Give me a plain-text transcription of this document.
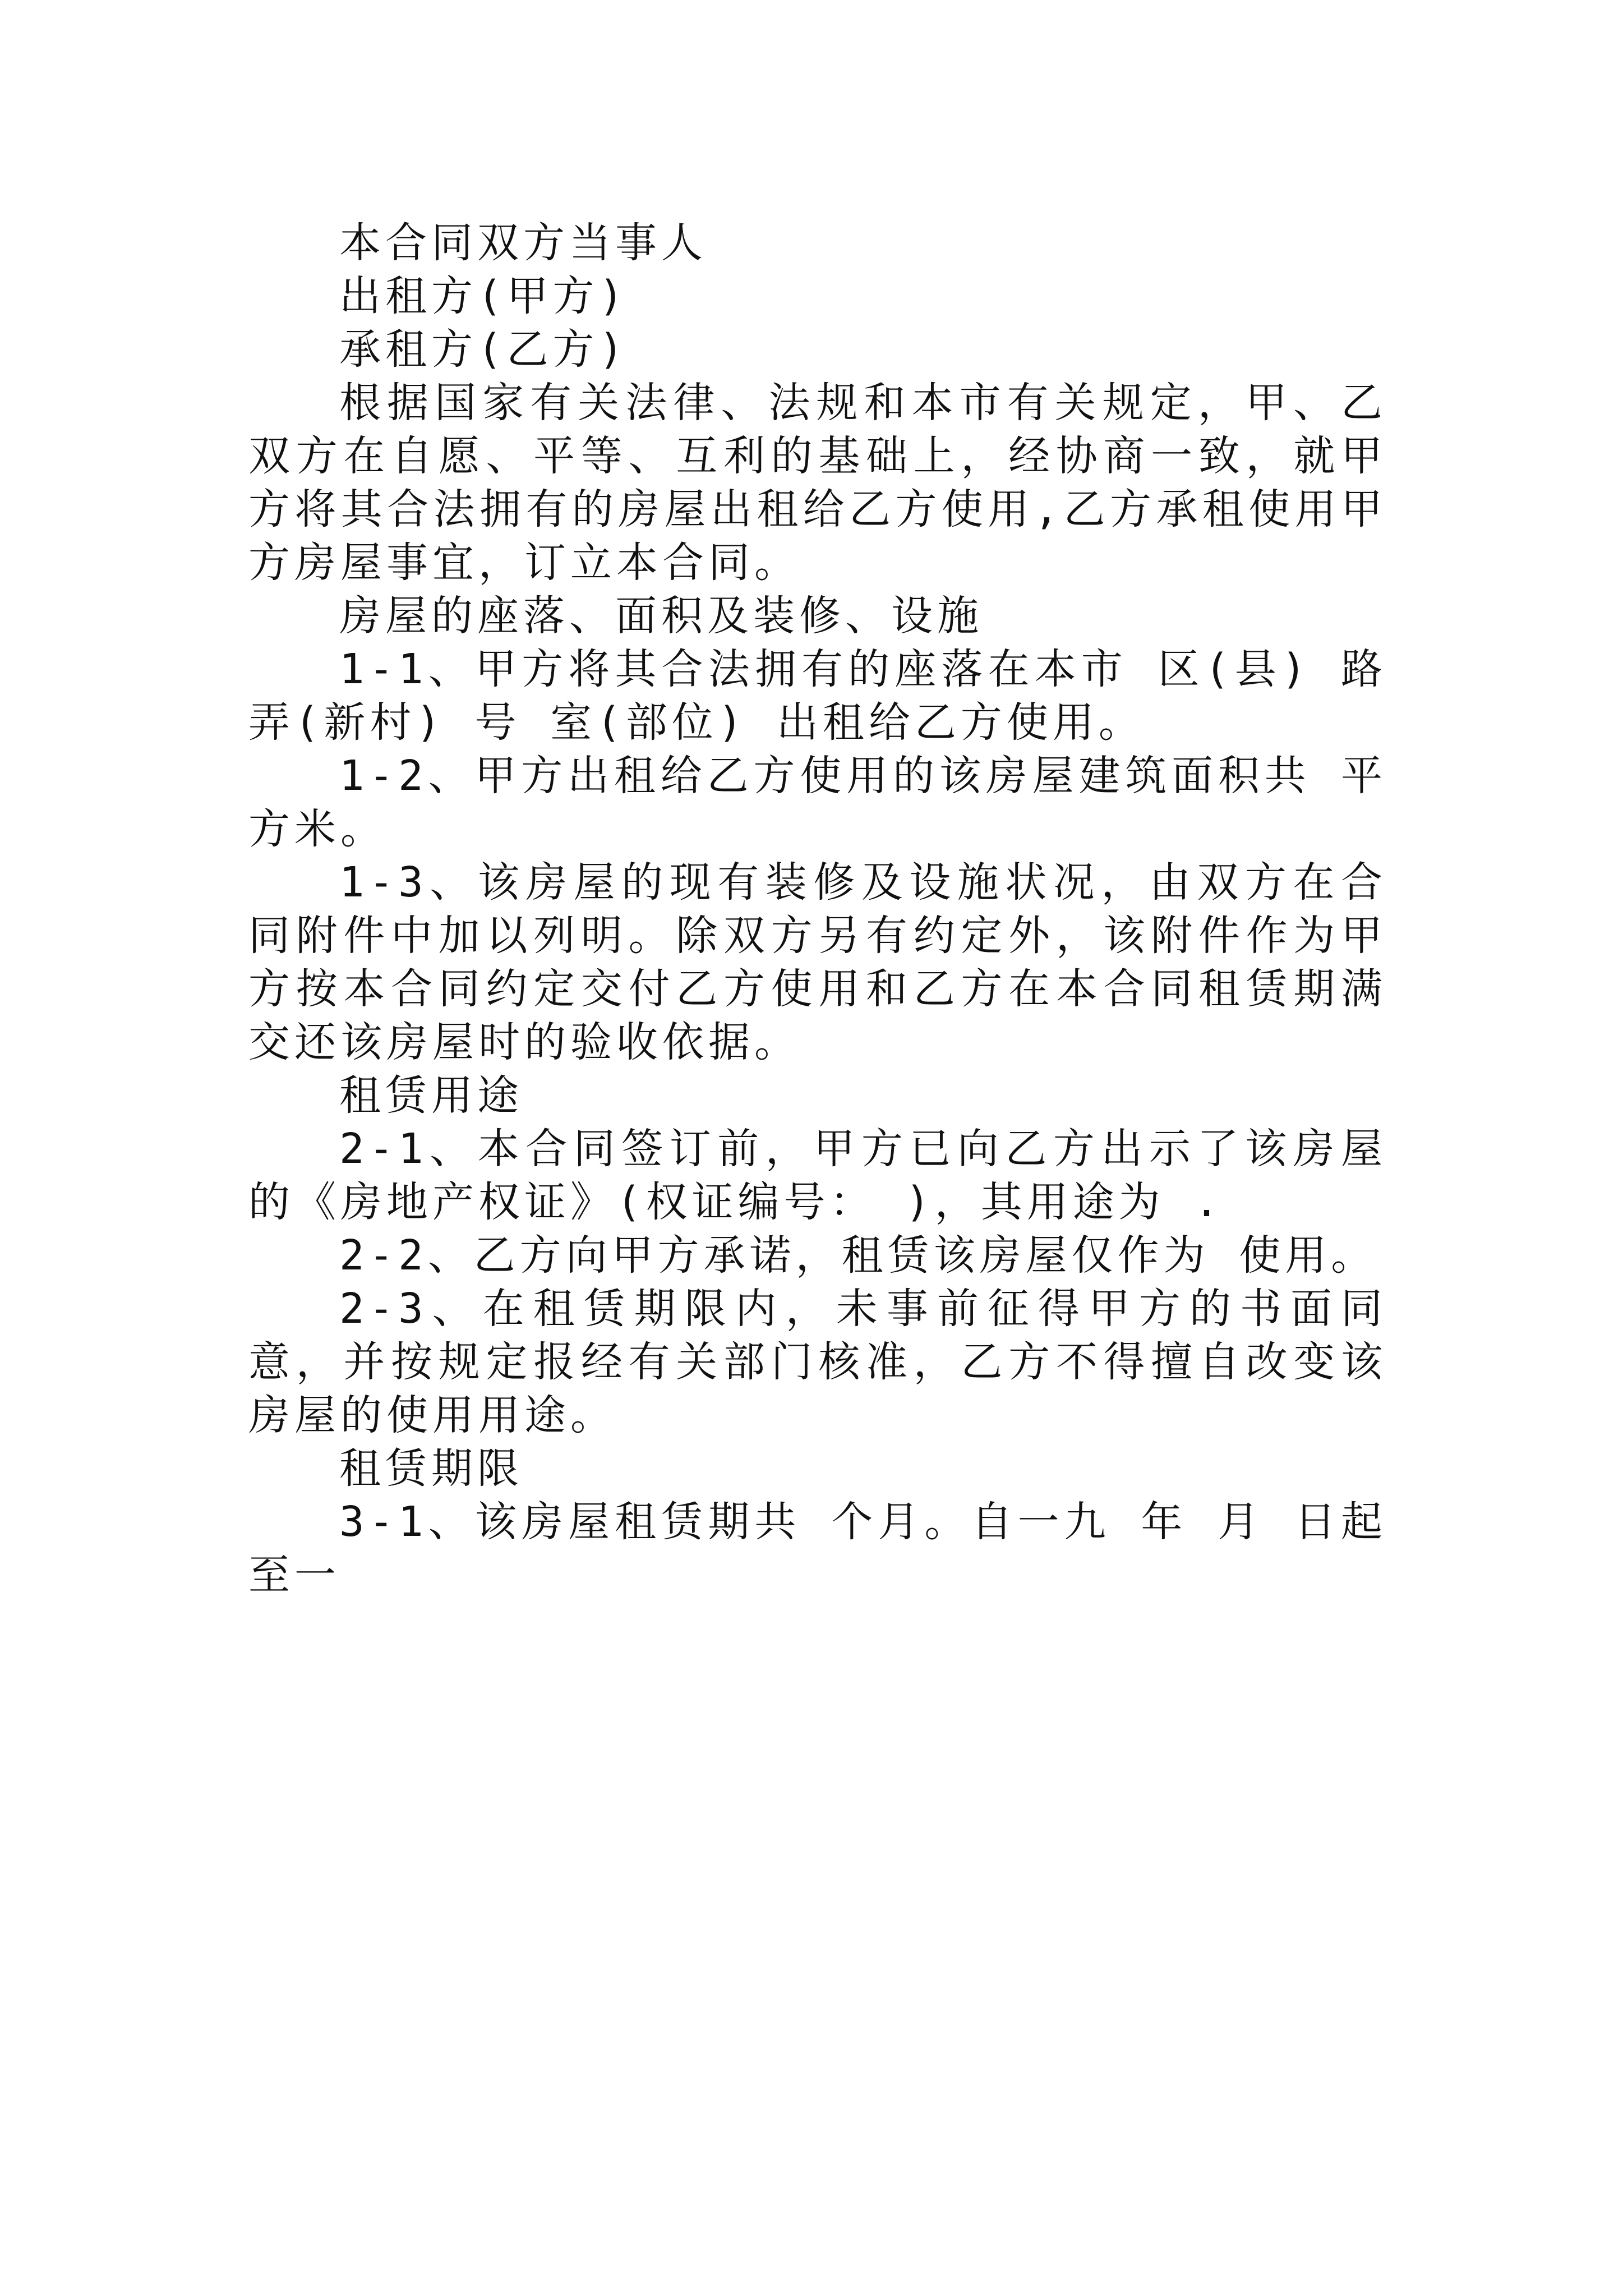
本合同双方当事人

出租方(甲方)

承租方(乙方)

根据国家有关法律、法规和本市有关规定，甲、乙双方在自愿、平等、互利的基础上，经协商一致，就甲方将其合法拥有的房屋出租给乙方使用,乙方承租使用甲方房屋事宜，订立本合同。

房屋的座落、面积及装修、设施

1-1、甲方将其合法拥有的座落在本市 区(县) 路 弄(新村) 号 室(部位) 出租给乙方使用。

1-2、甲方出租给乙方使用的该房屋建筑面积共 平方米。

1-3、该房屋的现有装修及设施状况，由双方在合同附件中加以列明。除双方另有约定外，该附件作为甲方按本合同约定交付乙方使用和乙方在本合同租赁期满交还该房屋时的验收依据。

租赁用途

2-1、本合同签订前，甲方已向乙方出示了该房屋的《房地产权证》(权证编号： )，其用途为 .

2-2、乙方向甲方承诺，租赁该房屋仅作为 使用。

2-3、在租赁期限内，未事前征得甲方的书面同意，并按规定报经有关部门核准，乙方不得擅自改变该房屋的使用用途。

租赁期限

3-1、该房屋租赁期共 个月。自一九 年 月 日起至一
